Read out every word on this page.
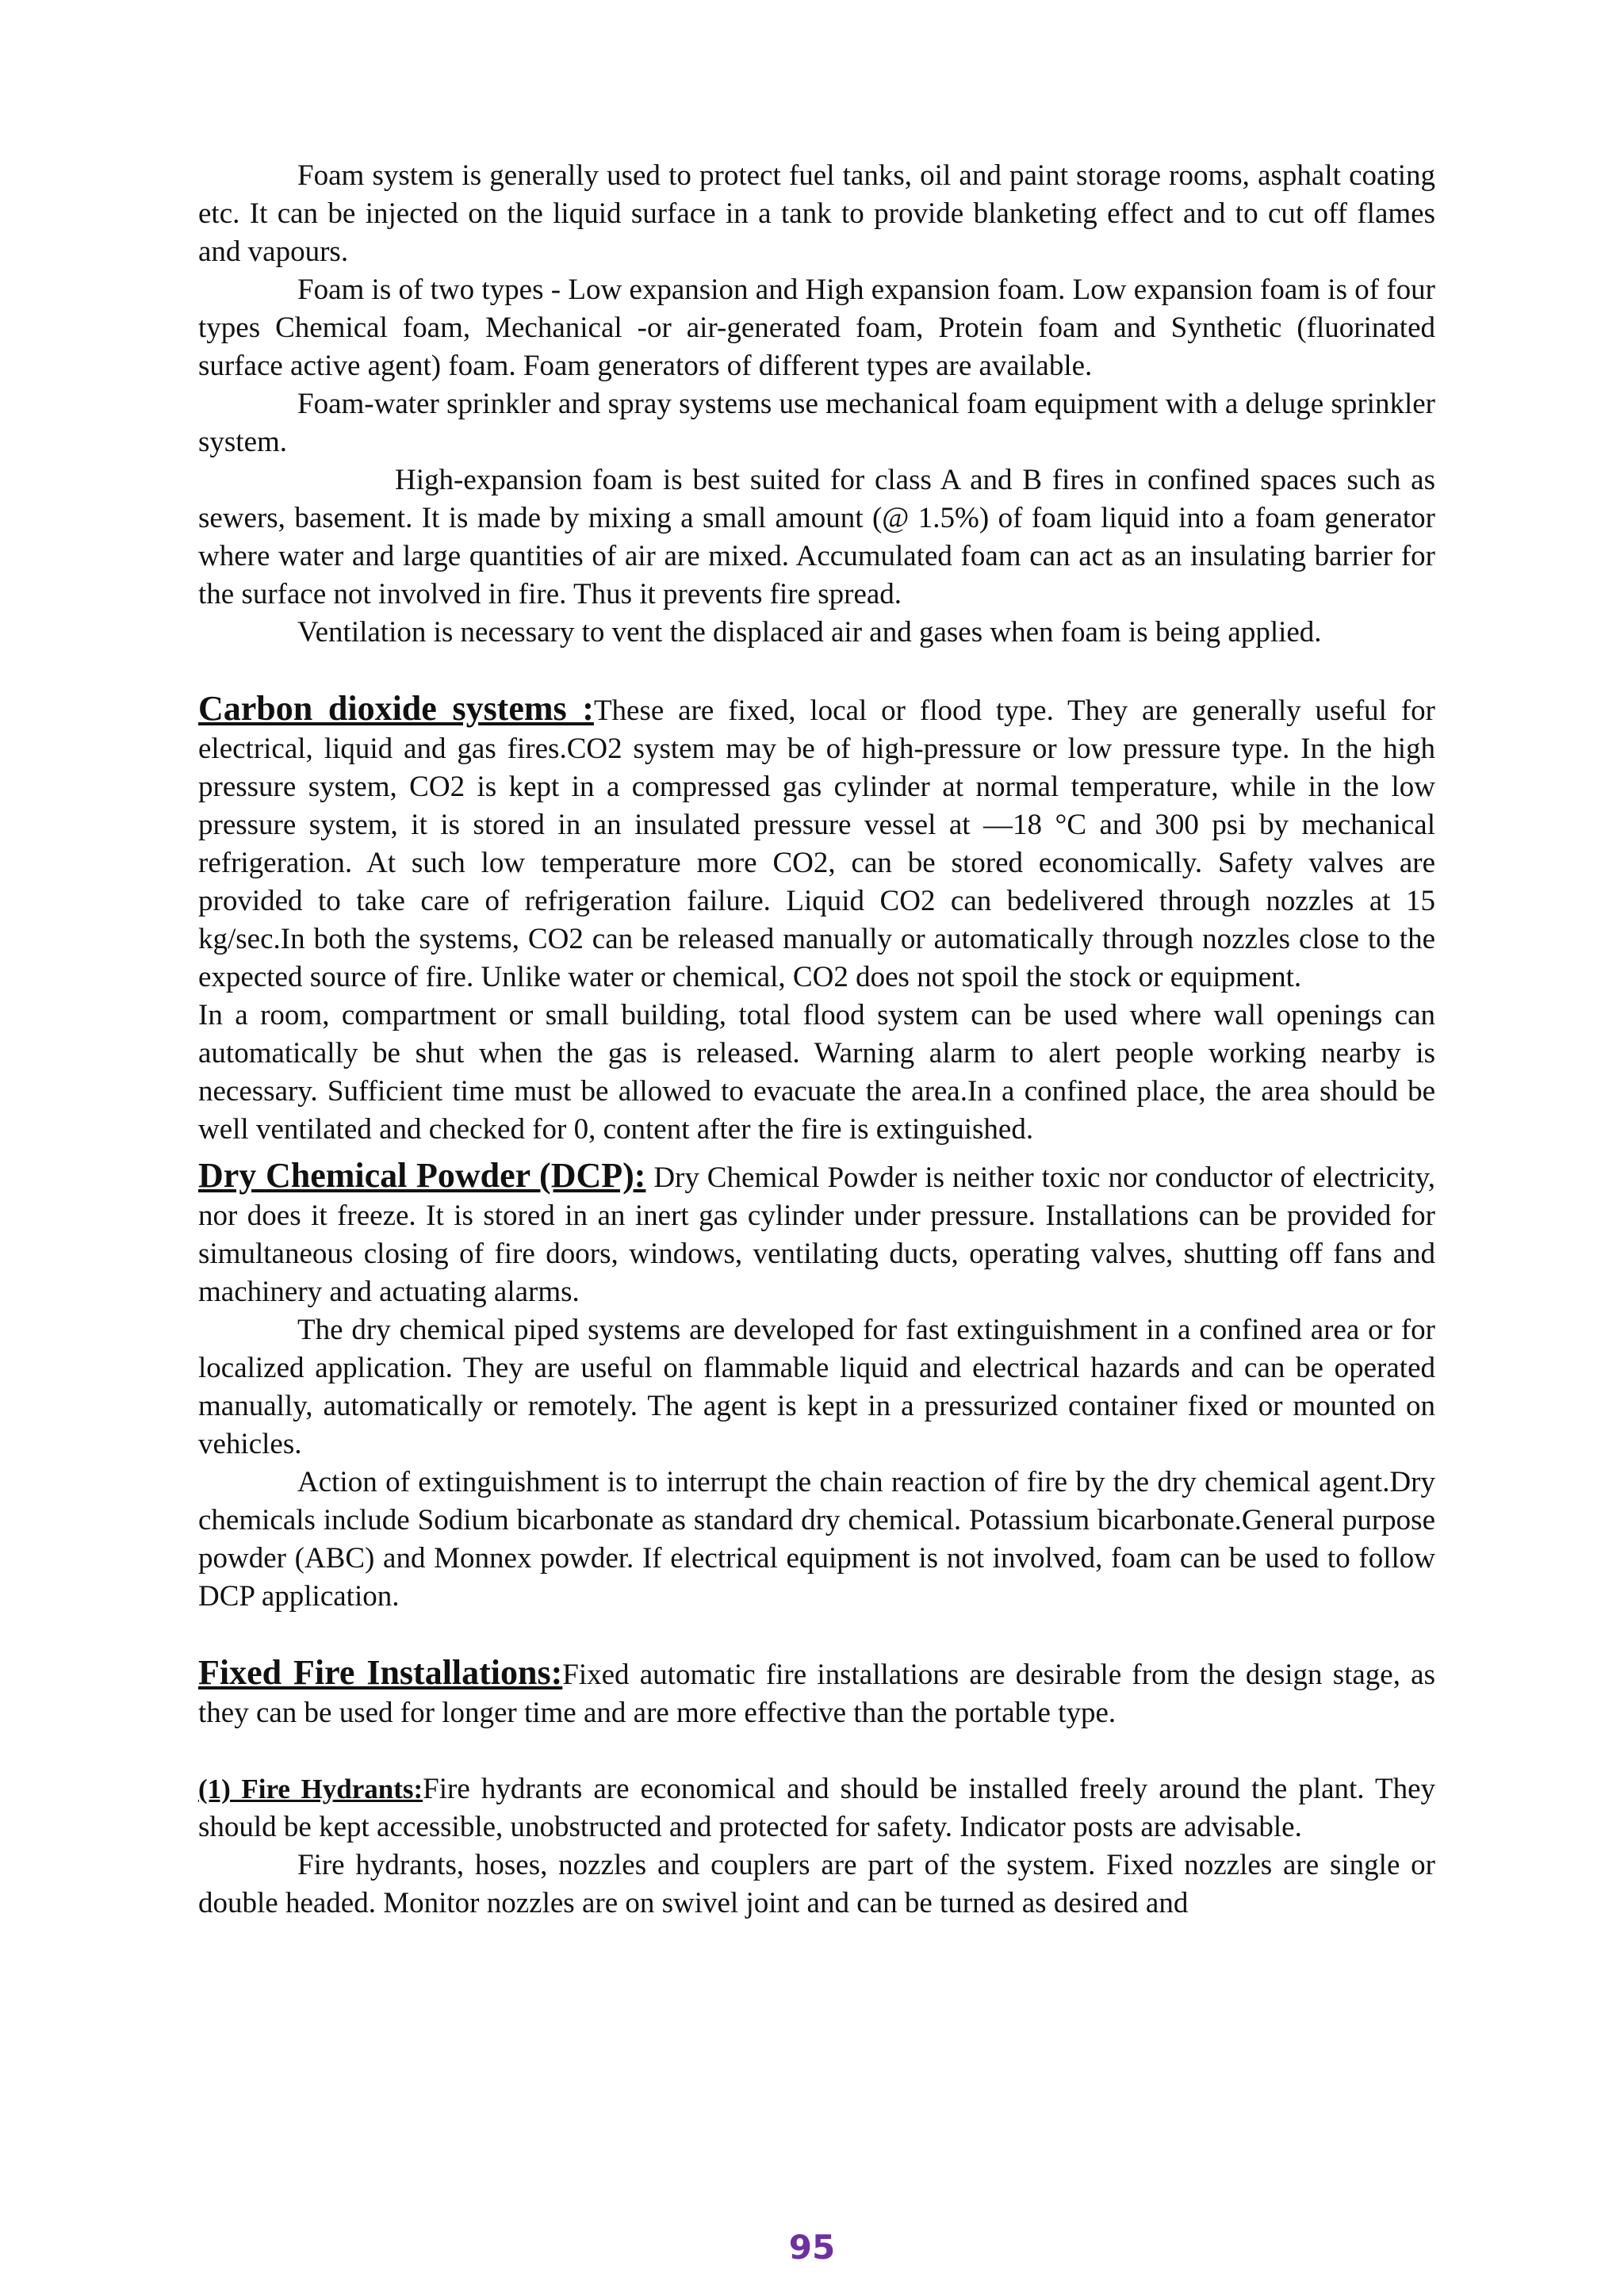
Foam system is generally used to protect fuel tanks, oil and paint storage rooms, asphalt coating etc. It can be injected on the liquid surface in a tank to provide blanketing effect and to cut off flames and vapours.

Foam is of two types - Low expansion and High expansion foam. Low expansion foam is of four types Chemical foam, Mechanical -or air-generated foam, Protein foam and Synthetic (fluorinated surface active agent) foam. Foam generators of different types are available.

Foam-water sprinkler and spray systems use mechanical foam equipment with a deluge sprinkler system.

High-expansion foam is best suited for class A and B fires in confined spaces such as sewers, basement. It is made by mixing a small amount (@ 1.5%) of foam liquid into a foam generator where water and large quantities of air are mixed. Accumulated foam can act as an insulating barrier for the surface not involved in fire. Thus it prevents fire spread.

Ventilation is necessary to vent the displaced air and gases when foam is being applied.

Carbon dioxide systems :These are fixed, local or flood type. They are generally useful for electrical, liquid and gas fires.CO2 system may be of high-pressure or low pressure type. In the high pressure system, CO2 is kept in a compressed gas cylinder at normal temperature, while in the low pressure system, it is stored in an insulated pressure vessel at —18 °C and 300 psi by mechanical refrigeration. At such low temperature more CO2, can be stored economically. Safety valves are provided to take care of refrigeration failure. Liquid CO2 can bedelivered through nozzles at 15 kg/sec.In both the systems, CO2 can be released manually or automatically through nozzles close to the expected source of fire. Unlike water or chemical, CO2 does not spoil the stock or equipment.

In a room, compartment or small building, total flood system can be used where wall openings can automatically be shut when the gas is released. Warning alarm to alert people working nearby is necessary. Sufficient time must be allowed to evacuate the area.In a confined place, the area should be well ventilated and checked for 0, content after the fire is extinguished.

Dry Chemical Powder (DCP): Dry Chemical Powder is neither toxic nor conductor of electricity, nor does it freeze. It is stored in an inert gas cylinder under pressure. Installations can be provided for simultaneous closing of fire doors, windows, ventilating ducts, operating valves, shutting off fans and machinery and actuating alarms.

The dry chemical piped systems are developed for fast extinguishment in a confined area or for localized application. They are useful on flammable liquid and electrical hazards and can be operated manually, automatically or remotely. The agent is kept in a pressurized container fixed or mounted on vehicles.

Action of extinguishment is to interrupt the chain reaction of fire by the dry chemical agent.Dry chemicals include Sodium bicarbonate as standard dry chemical. Potassium bicarbonate.General purpose powder (ABC) and Monnex powder. If electrical equipment is not involved, foam can be used to follow DCP application.

Fixed Fire Installations:Fixed automatic fire installations are desirable from the design stage, as they can be used for longer time and are more effective than the portable type.

(1) Fire Hydrants:Fire hydrants are economical and should be installed freely around the plant. They should be kept accessible, unobstructed and protected for safety. Indicator posts are advisable.

Fire hydrants, hoses, nozzles and couplers are part of the system. Fixed nozzles are single or double headed. Monitor nozzles are on swivel joint and can be turned as desired and

95
